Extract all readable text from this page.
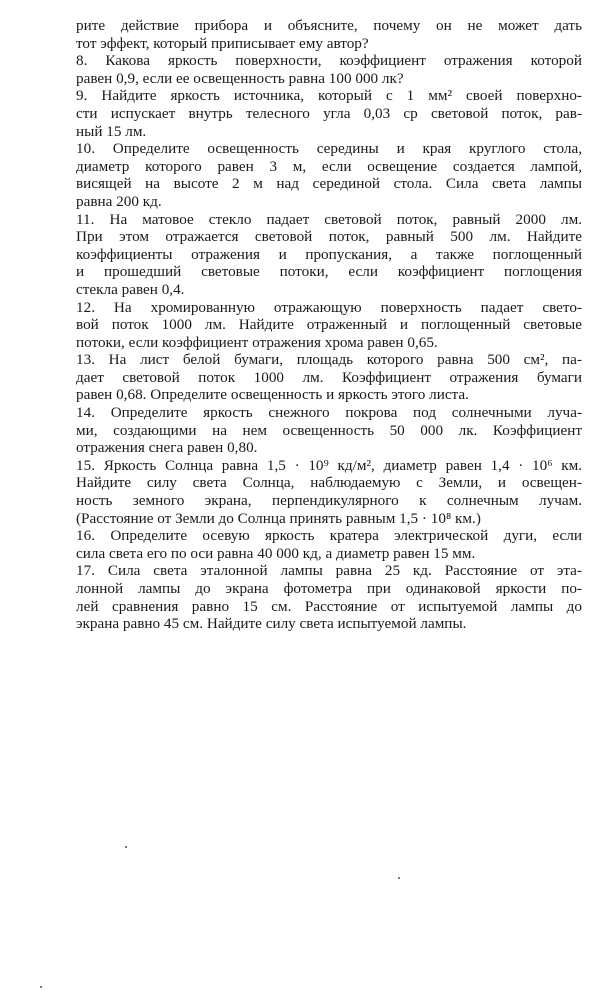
рите действие прибора и объясните, почему он не может дать
тот эффект, который приписывает ему автор?
8. Какова яркость поверхности, коэффициент отражения которой
равен 0,9, если ее освещенность равна 100 000 лк?
9. Найдите яркость источника, который с 1 мм² своей поверхно-
сти испускает внутрь телесного угла 0,03 ср световой поток, рав-
ный 15 лм.
10. Определите освещенность середины и края круглого стола,
диаметр которого равен 3 м, если освещение создается лампой,
висящей на высоте 2 м над серединой стола. Сила света лампы
равна 200 кд.
11. На матовое стекло падает световой поток, равный 2000 лм.
При этом отражается световой поток, равный 500 лм. Найдите
коэффициенты отражения и пропускания, а также поглощенный
и прошедший световые потоки, если коэффициент поглощения
стекла равен 0,4.
12. На хромированную отражающую поверхность падает свето-
вой поток 1000 лм. Найдите отраженный и поглощенный световые
потоки, если коэффициент отражения хрома равен 0,65.
13. На лист белой бумаги, площадь которого равна 500 см², па-
дает световой поток 1000 лм. Коэффициент отражения бумаги
равен 0,68. Определите освещенность и яркость этого листа.
14. Определите яркость снежного покрова под солнечными луча-
ми, создающими на нем освещенность 50 000 лк. Коэффициент
отражения снега равен 0,80.
15. Яркость Солнца равна 1,5 · 10⁹ кд/м², диаметр равен 1,4 · 10⁶ км.
Найдите силу света Солнца, наблюдаемую с Земли, и освещен-
ность земного экрана, перпендикулярного к солнечным лучам.
(Расстояние от Земли до Солнца принять равным 1,5 · 10⁸ км.)
16. Определите осевую яркость кратера электрической дуги, если
сила света его по оси равна 40 000 кд, а диаметр равен 15 мм.
17. Сила света эталонной лампы равна 25 кд. Расстояние от эта-
лонной лампы до экрана фотометра при одинаковой яркости по-
лей сравнения равно 15 см. Расстояние от испытуемой лампы до
экрана равно 45 см. Найдите силу света испытуемой лампы.
